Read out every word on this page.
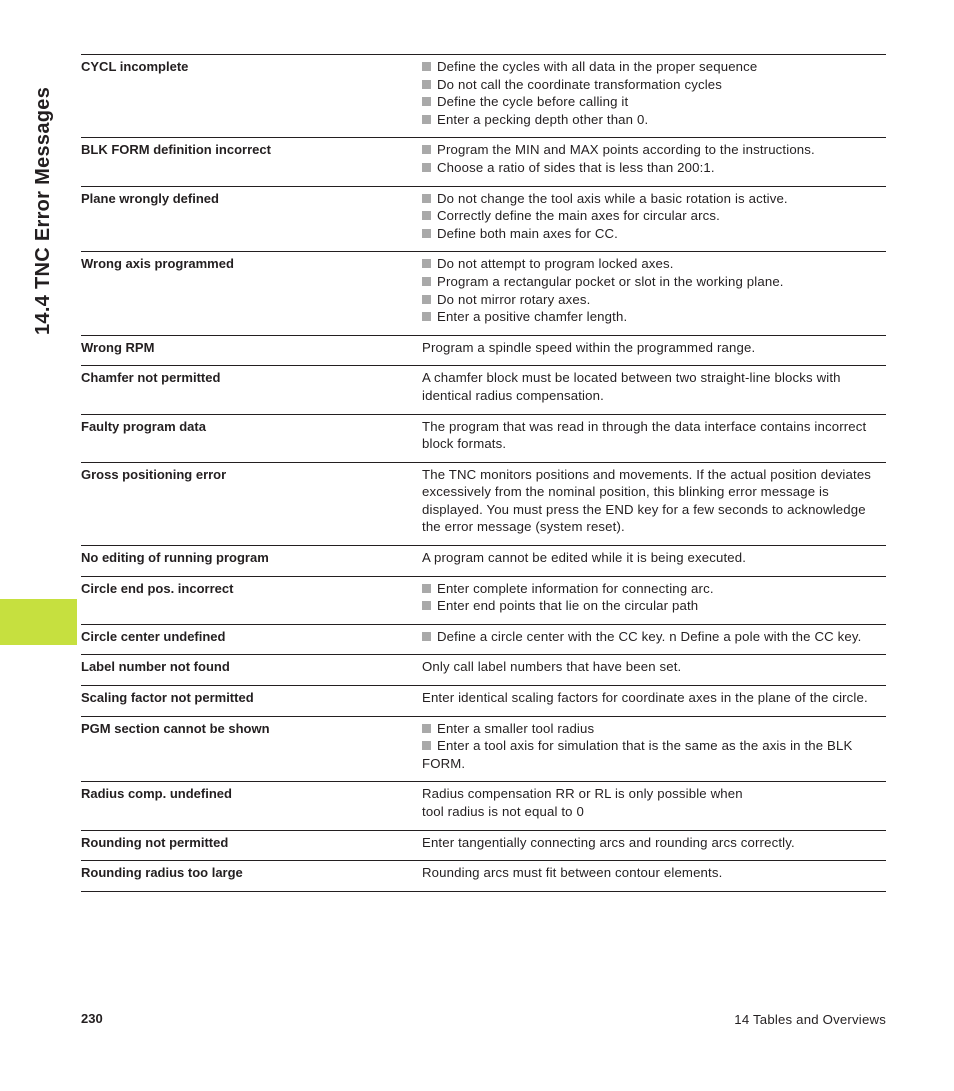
14.4 TNC Error Messages
CYCL incomplete	Define the cycles with all data in the proper sequence
Do not call the coordinate transformation cycles
Define the cycle before calling it
Enter a pecking depth other than 0.
BLK FORM definition incorrect	Program the MIN and MAX points according to the instructions.
Choose a ratio of sides that is less than 200:1.
Plane wrongly defined	Do not change the tool axis while a basic rotation is active.
Correctly define the main axes for circular arcs.
Define both main axes for CC.
Wrong axis programmed	Do not attempt to program locked axes.
Program a rectangular pocket or slot in the working plane.
Do not mirror rotary axes.
Enter a positive chamfer length.
Wrong RPM	Program a spindle speed within the programmed range.
Chamfer not permitted	A chamfer block must be located between two straight-line blocks with identical radius compensation.
Faulty program data	The program that was read in through the data interface contains incorrect block formats.
Gross positioning error	The TNC monitors positions and movements. If the actual position deviates excessively from the nominal position, this blinking error message is displayed. You must press the END key for a few seconds to acknowledge the error message (system reset).
No editing of running program	A program cannot be edited while it is being executed.
Circle end pos. incorrect	Enter complete information for connecting arc.
Enter end points that lie on the circular path
Circle center undefined	Define a circle center with the CC key. n Define a pole with the CC key.
Label number not found	Only call label numbers that have been set.
Scaling factor not permitted	Enter identical scaling factors for coordinate axes in the plane of the circle.
PGM section cannot be shown	Enter a smaller tool radius
Enter a tool axis for simulation that is the same as the axis in the BLK FORM.
Radius comp. undefined	Radius compensation RR or RL is only possible when
tool radius is not equal to 0
Rounding not permitted	Enter tangentially connecting arcs and rounding arcs correctly.
Rounding radius too large	Rounding arcs must fit between contour elements.
230	14 Tables and Overviews
